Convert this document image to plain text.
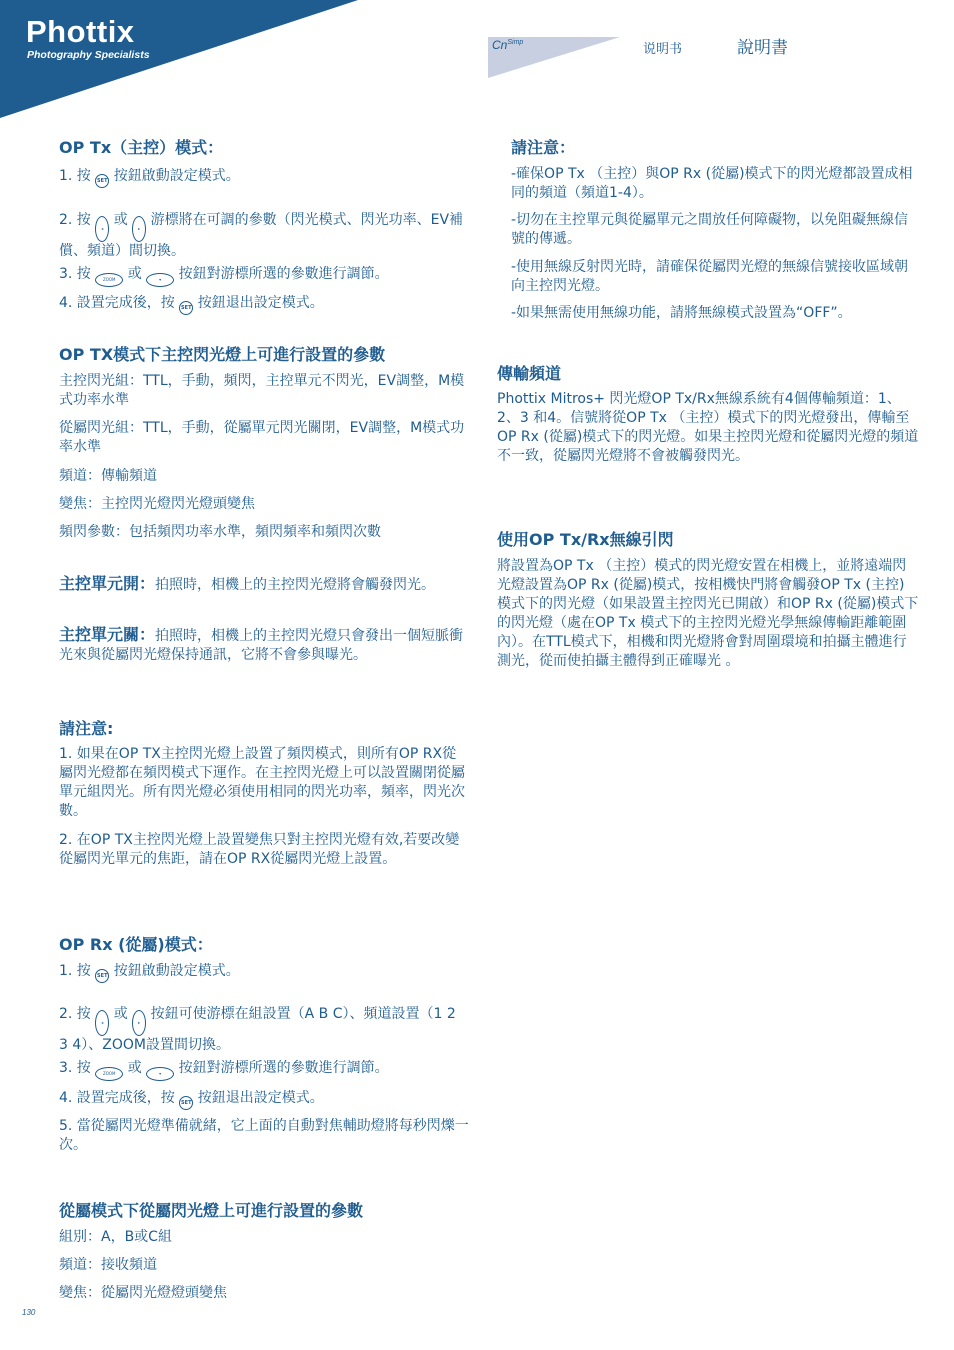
Phottix
Photography Specialists
$Cn^{Simp}$	说明书	說明書
OP Tx（主控）模式：

1. 按 SET 按鈕啟動設定模式。

2. 按 ◂ 或 ▸ 游標將在可調的參數（閃光模式、閃光功率、EV補償、頻道）間切換。

3. 按 ZOOM 或	▾ 按鈕對游標所選的參數進行調節。

4. 設置完成後，按 SET 按鈕退出設定模式。

OP TX模式下主控閃光燈上可進行設置的參數

主控閃光組：TTL，手動，頻閃，主控單元不閃光，EV調整，M模式功率水準

從屬閃光組：TTL，手動，從屬單元閃光關閉，EV調整，M模式功率水準

頻道：傳輸頻道

變焦：主控閃光燈閃光燈頭變焦

頻閃參數：包括頻閃功率水準，頻閃頻率和頻閃次數

主控單元開：拍照時，相機上的主控閃光燈將會觸發閃光。

主控單元關：拍照時，相機上的主控閃光燈只會發出一個短脈衝光來與從屬閃光燈保持通訊，它將不會參與曝光。

請注意:

1. 如果在OP TX主控閃光燈上設置了頻閃模式，則所有OP RX從屬閃光燈都在頻閃模式下運作。在主控閃光燈上可以設置關閉從屬單元組閃光。所有閃光燈必須使用相同的閃光功率，頻率，閃光次數。

2. 在OP TX主控閃光燈上設置變焦只對主控閃光燈有效,若要改變從屬閃光單元的焦距，請在OP RX從屬閃光燈上設置。

OP Rx (從屬)模式：

1. 按 SET 按鈕啟動設定模式。

2. 按 ◂ 或 ▸ 按鈕可使游標在組設置（A B C）、頻道設置（1 2 3 4）、ZOOM設置間切換。

3. 按 ZOOM 或	▾ 按鈕對游標所選的參數進行調節。

4. 設置完成後，按 SET 按鈕退出設定模式。

5. 當從屬閃光燈準備就緒，它上面的自動對焦輔助燈將每秒閃爍一次。

從屬模式下從屬閃光燈上可進行設置的參數

組別：A，B或C組

頻道：接收頻道

變焦：從屬閃光燈燈頭變焦

請注意：

-確保OP Tx （主控）與OP Rx (從屬)模式下的閃光燈都設置成相同的頻道（頻道1-4）。

-切勿在主控單元與從屬單元之間放任何障礙物，以免阻礙無線信號的傳遞。

-使用無線反射閃光時，請確保從屬閃光燈的無線信號接收區域朝向主控閃光燈。

-如果無需使用無線功能，請將無線模式設置為“OFF”。

傳輸頻道

Phottix Mitros+ 閃光燈OP Tx/Rx無線系統有4個傳輸頻道：1、2、3 和4。信號將從OP Tx （主控）模式下的閃光燈發出，傳輸至OP Rx (從屬)模式下的閃光燈。如果主控閃光燈和從屬閃光燈的頻道不一致，從屬閃光燈將不會被觸發閃光。

使用OP Tx/Rx無線引閃

將設置為OP Tx （主控）模式的閃光燈安置在相機上，並將遠端閃光燈設置為OP Rx (從屬)模式，按相機快門將會觸發OP Tx (主控) 模式下的閃光燈（如果設置主控閃光已開啟）和OP Rx (從屬)模式下的閃光燈（處在OP Tx 模式下的主控閃光燈光學無線傳輸距離範圍內）。在TTL模式下，相機和閃光燈將會對周圍環境和拍攝主體進行測光，從而使拍攝主體得到正確曝光 。

130
